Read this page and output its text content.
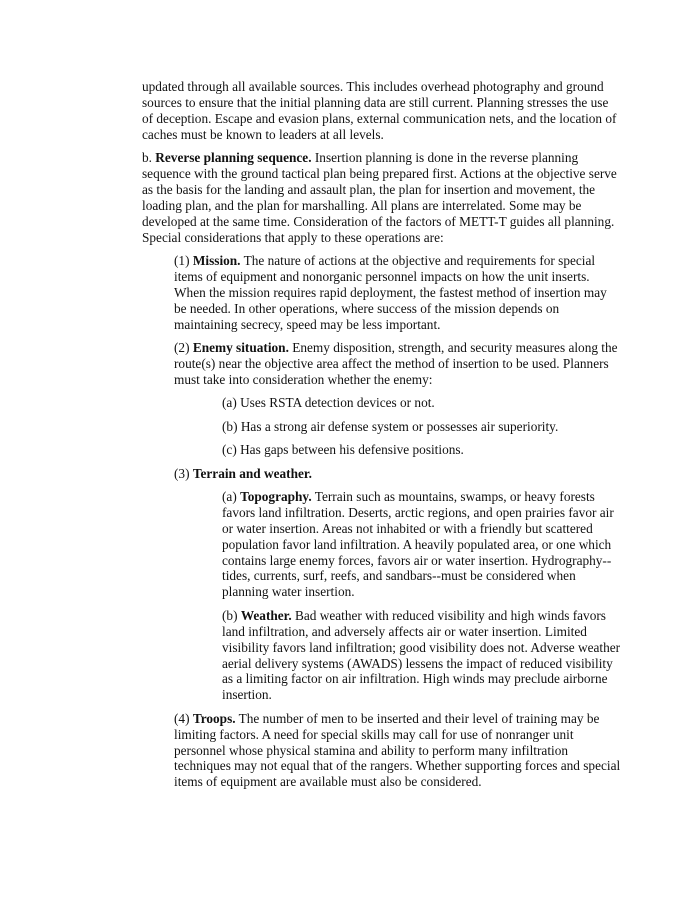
updated through all available sources. This includes overhead photography and ground sources to ensure that the initial planning data are still current. Planning stresses the use of deception. Escape and evasion plans, external communication nets, and the location of caches must be known to leaders at all levels.

b. Reverse planning sequence. Insertion planning is done in the reverse planning sequence with the ground tactical plan being prepared first. Actions at the objective serve as the basis for the landing and assault plan, the plan for insertion and movement, the loading plan, and the plan for marshalling. All plans are interrelated. Some may be developed at the same time. Consideration of the factors of METT-T guides all planning. Special considerations that apply to these operations are:

(1) Mission. The nature of actions at the objective and requirements for special items of equipment and nonorganic personnel impacts on how the unit inserts. When the mission requires rapid deployment, the fastest method of insertion may be needed. In other operations, where success of the mission depends on maintaining secrecy, speed may be less important.

(2) Enemy situation. Enemy disposition, strength, and security measures along the route(s) near the objective area affect the method of insertion to be used. Planners must take into consideration whether the enemy:

(a) Uses RSTA detection devices or not.

(b) Has a strong air defense system or possesses air superiority.

(c) Has gaps between his defensive positions.

(3) Terrain and weather.

(a) Topography. Terrain such as mountains, swamps, or heavy forests favors land infiltration. Deserts, arctic regions, and open prairies favor air or water insertion. Areas not inhabited or with a friendly but scattered population favor land infiltration. A heavily populated area, or one which contains large enemy forces, favors air or water insertion. Hydrography--tides, currents, surf, reefs, and sandbars--must be considered when planning water insertion.

(b) Weather. Bad weather with reduced visibility and high winds favors land infiltration, and adversely affects air or water insertion. Limited visibility favors land infiltration; good visibility does not. Adverse weather aerial delivery systems (AWADS) lessens the impact of reduced visibility as a limiting factor on air infiltration. High winds may preclude airborne insertion.

(4) Troops. The number of men to be inserted and their level of training may be limiting factors. A need for special skills may call for use of nonranger unit personnel whose physical stamina and ability to perform many infiltration techniques may not equal that of the rangers. Whether supporting forces and special items of equipment are available must also be considered.
